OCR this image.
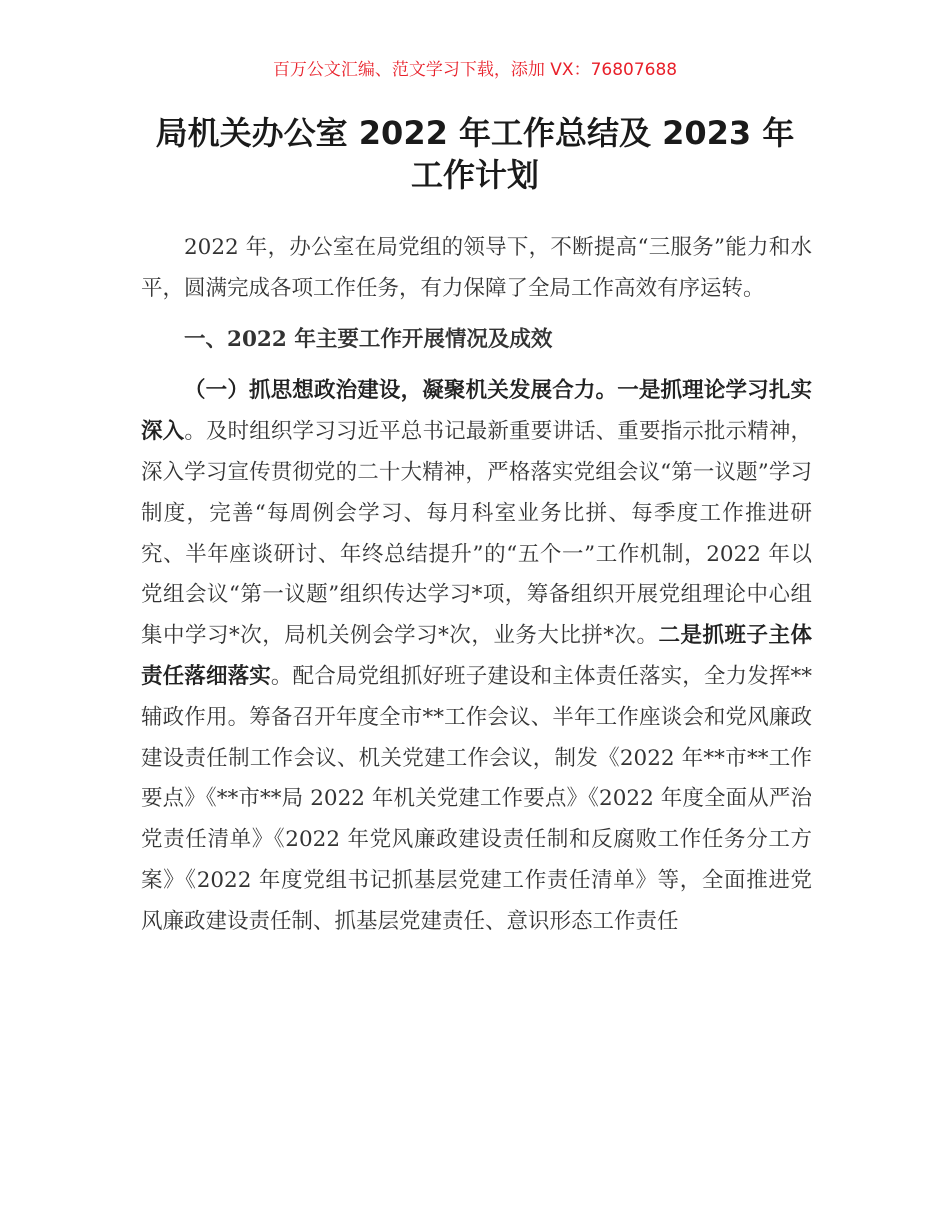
百万公文汇编、范文学习下载，添加 VX：76807688
局机关办公室 2022 年工作总结及 2023 年工作计划

2022 年，办公室在局党组的领导下，不断提高“三服务”能力和水平，圆满完成各项工作任务，有力保障了全局工作高效有序运转。

一、2022 年主要工作开展情况及成效

（一）抓思想政治建设，凝聚机关发展合力。一是抓理论学习扎实深入。及时组织学习习近平总书记最新重要讲话、重要指示批示精神，深入学习宣传贯彻党的二十大精神，严格落实党组会议“第一议题”学习制度，完善“每周例会学习、每月科室业务比拼、每季度工作推进研究、半年座谈研讨、年终总结提升”的“五个一”工作机制，2022 年以党组会议“第一议题”组织传达学习*项，筹备组织开展党组理论中心组集中学习*次，局机关例会学习*次，业务大比拼*次。二是抓班子主体责任落细落实。配合局党组抓好班子建设和主体责任落实，全力发挥**辅政作用。筹备召开年度全市**工作会议、半年工作座谈会和党风廉政建设责任制工作会议、机关党建工作会议，制发《2022 年**市**工作要点》《**市**局 2022 年机关党建工作要点》《2022 年度全面从严治党责任清单》《2022 年党风廉政建设责任制和反腐败工作任务分工方案》《2022 年度党组书记抓基层党建工作责任清单》等，全面推进党风廉政建设责任制、抓基层党建责任、意识形态工作责任
